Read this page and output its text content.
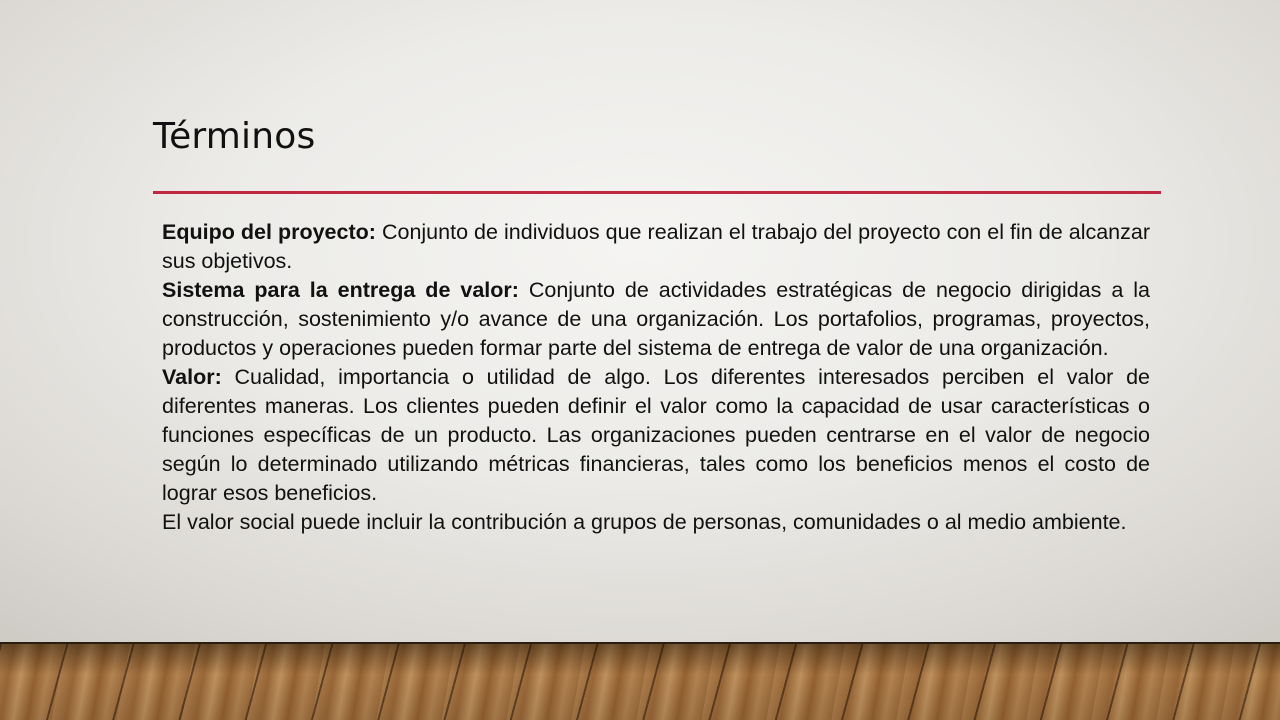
Términos

Equipo del proyecto: Conjunto de individuos que realizan el trabajo del proyecto con el fin de alcanzar sus objetivos.

Sistema para la entrega de valor: Conjunto de actividades estratégicas de negocio dirigidas a la construcción, sostenimiento y/o avance de una organización. Los portafolios, programas, proyectos, productos y operaciones pueden formar parte del sistema de entrega de valor de una organización.

Valor: Cualidad, importancia o utilidad de algo. Los diferentes interesados perciben el valor de diferentes maneras. Los clientes pueden definir el valor como la capacidad de usar características o funciones específicas de un producto. Las organizaciones pueden centrarse en el valor de negocio según lo determinado utilizando métricas financieras, tales como los beneficios menos el costo de lograr esos beneficios.

El valor social puede incluir la contribución a grupos de personas, comunidades o al medio ambiente.
